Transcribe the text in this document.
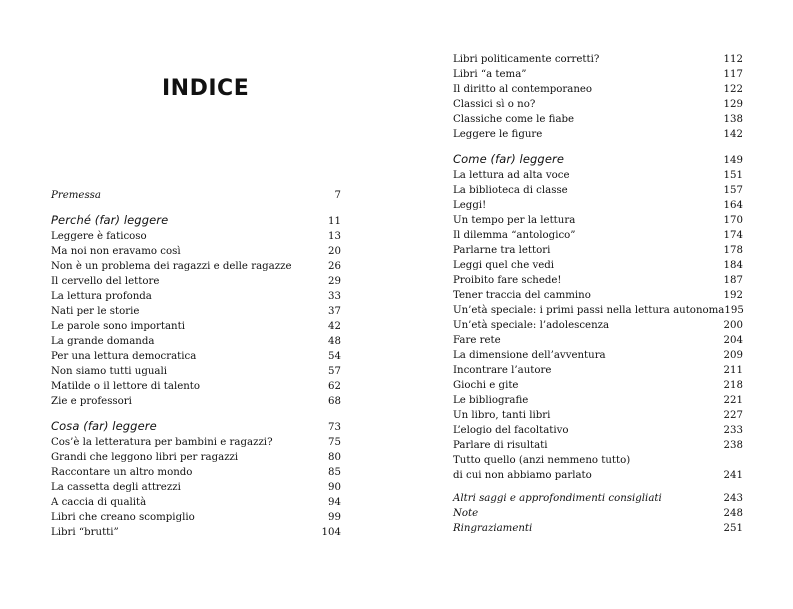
INDICE
Premessa	7
Perché (far) leggere	11
Leggere è faticoso	13
Ma noi non eravamo così	20
Non è un problema dei ragazzi e delle ragazze	26
Il cervello del lettore	29
La lettura profonda	33
Nati per le storie	37
Le parole sono importanti	42
La grande domanda	48
Per una lettura democratica	54
Non siamo tutti uguali	57
Matilde o il lettore di talento	62
Zie e professori	68
Cosa (far) leggere	73
Cos’è la letteratura per bambini e ragazzi?	75
Grandi che leggono libri per ragazzi	80
Raccontare un altro mondo	85
La cassetta degli attrezzi	90
A caccia di qualità	94
Libri che creano scompiglio	99
Libri “brutti”	104
Libri politicamente corretti?	112
Libri “a tema”	117
Il diritto al contemporaneo	122
Classici sì o no?	129
Classiche come le fiabe	138
Leggere le figure	142
Come (far) leggere	149
La lettura ad alta voce	151
La biblioteca di classe	157
Leggi!	164
Un tempo per la lettura	170
Il dilemma “antologico”	174
Parlarne tra lettori	178
Leggi quel che vedi	184
Proibito fare schede!	187
Tener traccia del cammino	192
Un’età speciale: i primi passi nella lettura autonoma 195
Un’età speciale: l’adolescenza	200
Fare rete	204
La dimensione dell’avventura	209
Incontrare l’autore	211
Giochi e gite	218
Le bibliografie	221
Un libro, tanti libri	227
L’elogio del facoltativo	233
Parlare di risultati	238
Tutto quello (anzi nemmeno tutto)
di cui non abbiamo parlato	241
Altri saggi e approfondimenti consigliati	243
Note	248
Ringraziamenti	251
